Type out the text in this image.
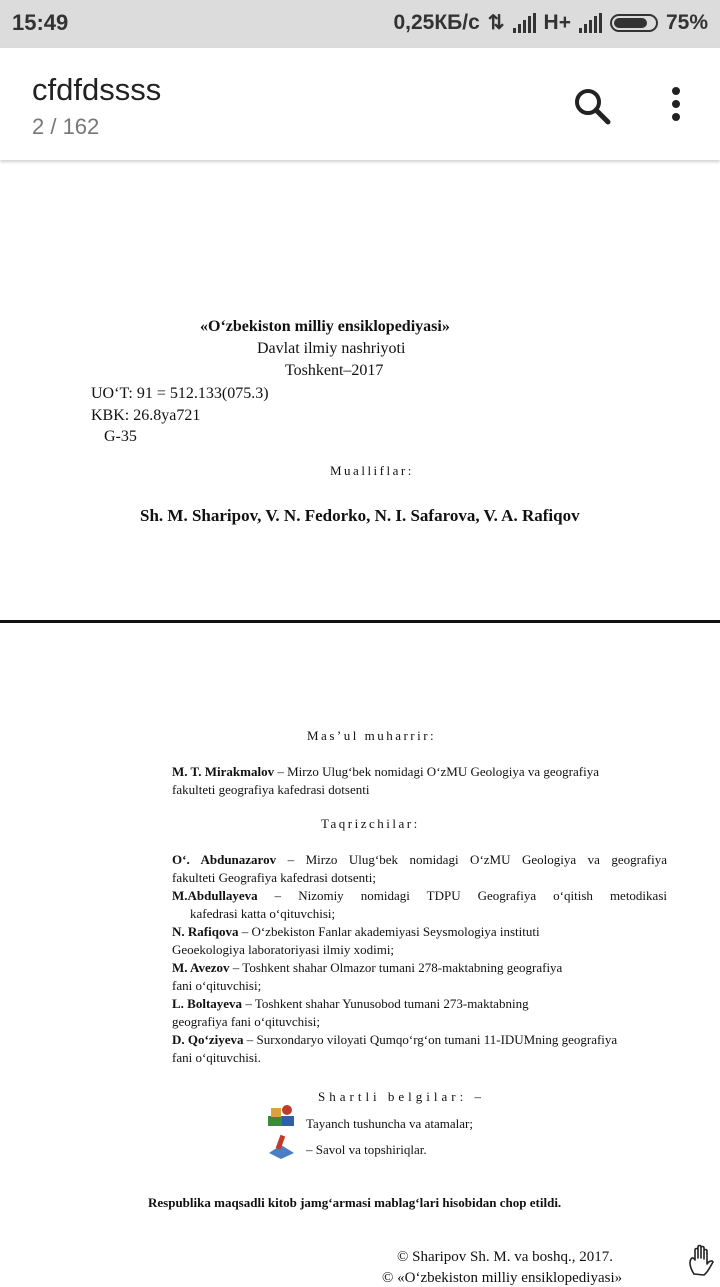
15:49	0,25КБ/с ⇅ H+	75%
cfdfdssss
2 / 162
«O‘zbekiston milliy ensiklopediyasi»
Davlat ilmiy nashriyoti
Toshkent–2017
UO‘T: 91 = 512.133(075.3)
KBK: 26.8ya721
G-35
Mualliflar:
Sh. M. Sharipov, V. N. Fedorko, N. I. Safarova, V. A. Rafiqov
Mas’ul muharrir:
M. T. Mirakmalov – Mirzo Ulug‘bek nomidagi O‘zMU Geologiya va geografiya
fakulteti geografiya kafedrasi dotsenti
Taqrizchilar:
O‘. Abdunazarov – Mirzo Ulug‘bek nomidagi O‘zMU Geologiya va geografiya
fakulteti Geografiya kafedrasi dotsenti;
M.Abdullayeva – Nizomiy nomidagi TDPU Geografiya o‘qitish metodikasi
kafedrasi katta o‘qituvchisi;
N. Rafiqova – O‘zbekiston Fanlar akademiyasi Seysmologiya instituti
Geoekologiya laboratoriyasi ilmiy xodimi;
M. Avezov – Toshkent shahar Olmazor tumani 278-maktabning geografiya
fani o‘qituvchisi;
L. Boltayeva – Toshkent shahar Yunusobod tumani 273-maktabning
geografiya fani o‘qituvchisi;
D. Qo‘ziyeva – Surxondaryo viloyati Qumqo‘rg‘on tumani 11-IDUMning geografiya
fani o‘qituvchisi.
Shartli belgilar: –
Tayanch tushuncha va atamalar;
– Savol va topshiriqlar.
Respublika maqsadli kitob jamg‘armasi mablag‘lari hisobidan chop etildi.
© Sharipov Sh. M. va boshq., 2017.
© «O‘zbekiston milliy ensiklopediyasi»
